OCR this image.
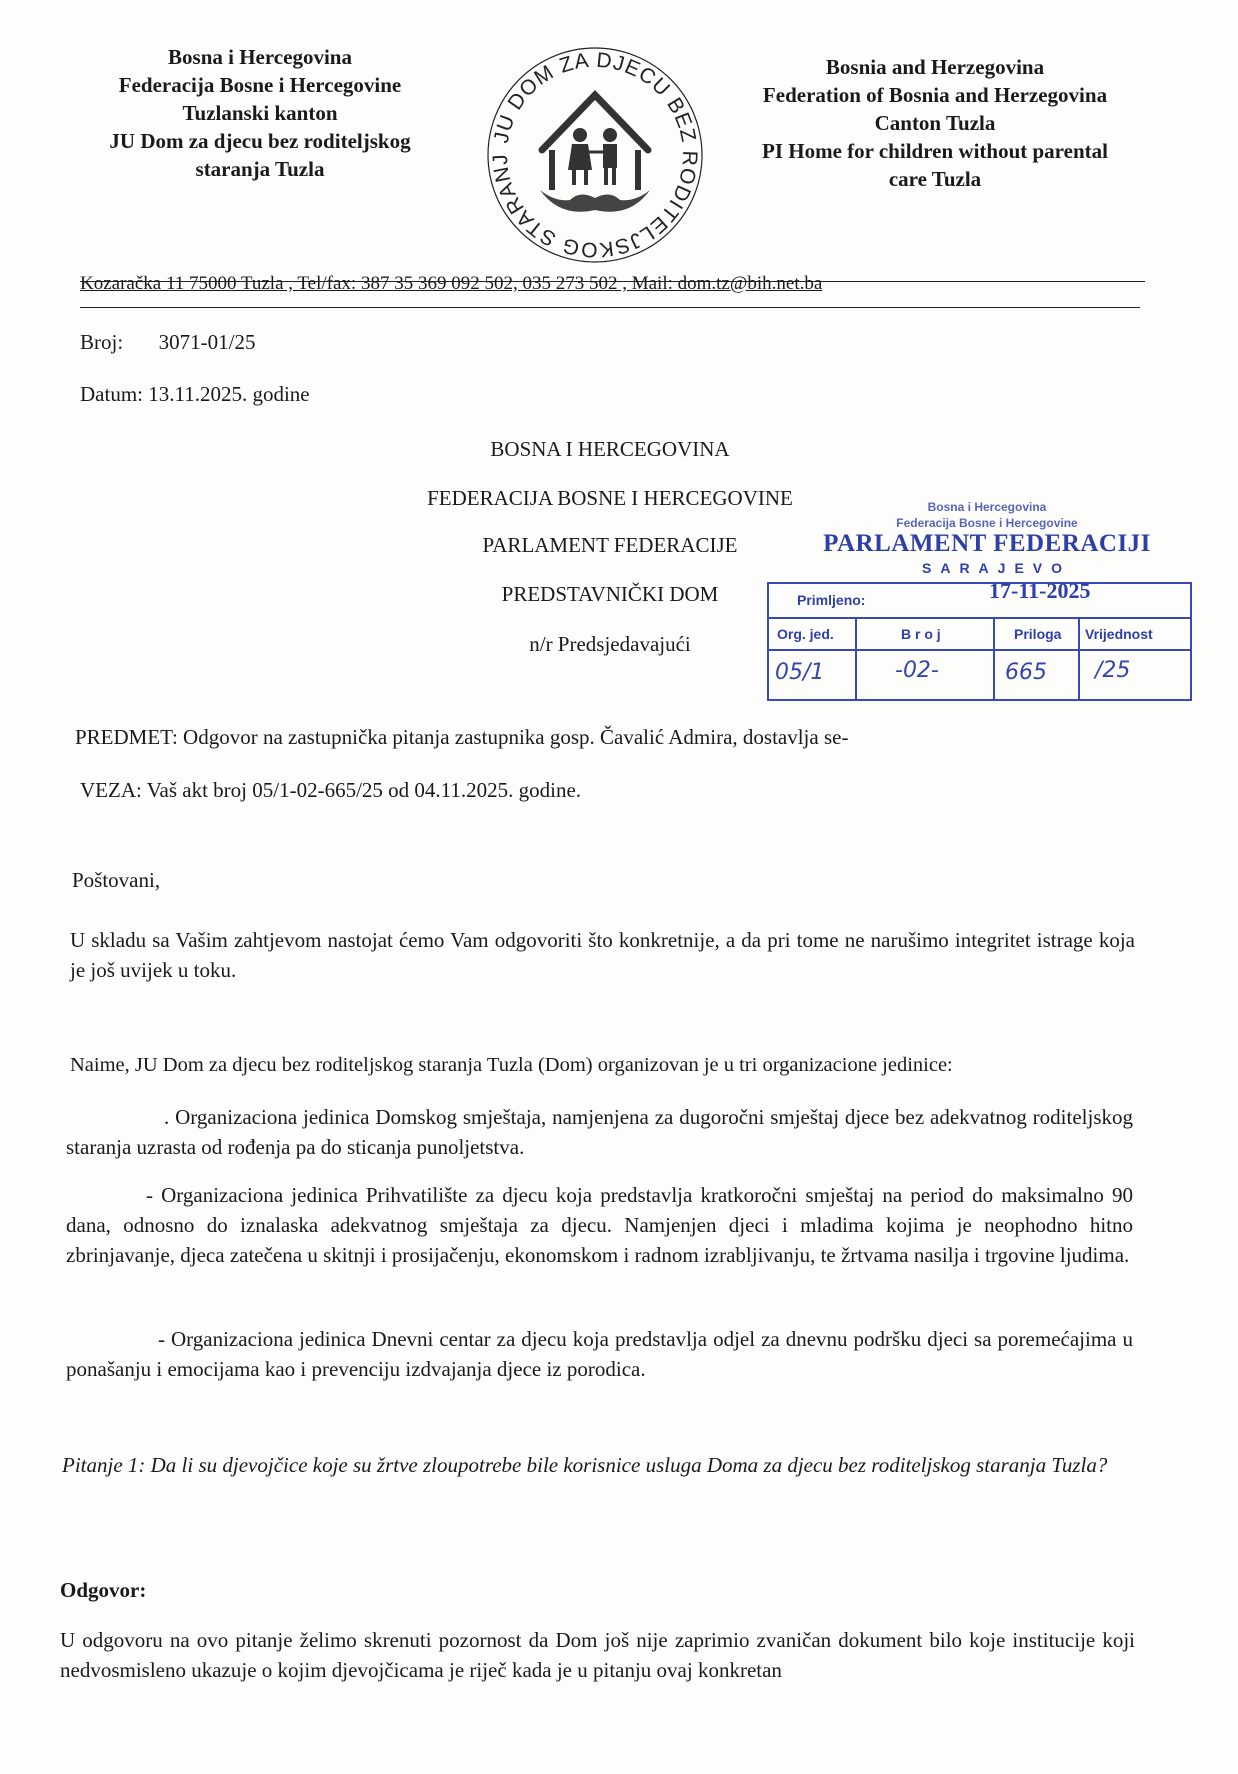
Bosna i Hercegovina
Federacija Bosne i Hercegovine
Tuzlanski kanton
JU Dom za djecu bez roditeljskog
staranja Tuzla
JU DOM ZA DJECU BEZ RODITELJSKOG STARANJ
Bosnia and Herzegovina
Federation of Bosnia and Herzegovina
Canton Tuzla
PI Home for children without parental
care Tuzla
Kozaračka 11 75000 Tuzla , Tel/fax: 387 35 369 092 502, 035 273 502 , Mail: dom.tz@bih.net.ba
Broj: 3071-01/25
Datum: 13.11.2025. godine
BOSNA I HERCEGOVINA
FEDERACIJA BOSNE I HERCEGOVINE
PARLAMENT FEDERACIJE
PREDSTAVNIČKI DOM
n/r Predsjedavajući
Bosna i Hercegovina
Federacija Bosne i Hercegovine
PARLAMENT FEDERACIJI
SARAJEVO
Primljeno:	17-11-2025
Org. jed.	B r o j	Priloga Vrijednost
05/1	-02-	665 /25
PREDMET: Odgovor na zastupnička pitanja zastupnika gosp. Čavalić Admira, dostavlja se-
VEZA: Vaš akt broj 05/1-02-665/25 od 04.11.2025. godine.
Poštovani,
U skladu sa Vašim zahtjevom nastojat ćemo Vam odgovoriti što konkretnije, a da pri tome ne narušimo integritet istrage koja je još uvijek u toku.
Naime, JU Dom za djecu bez roditeljskog staranja Tuzla (Dom) organizovan je u tri organizacione jedinice:
. Organizaciona jedinica Domskog smještaja, namjenjena za dugoročni smještaj djece bez adekvatnog roditeljskog staranja uzrasta od rođenja pa do sticanja punoljetstva.
- Organizaciona jedinica Prihvatilište za djecu koja predstavlja kratkoročni smještaj na period do maksimalno 90 dana, odnosno do iznalaska adekvatnog smještaja za djecu. Namjenjen djeci i mladima kojima je neophodno hitno zbrinjavanje, djeca zatečena u skitnji i prosijačenju, ekonomskom i radnom izrabljivanju, te žrtvama nasilja i trgovine ljudima.
- Organizaciona jedinica Dnevni centar za djecu koja predstavlja odjel za dnevnu podršku djeci sa poremećajima u ponašanju i emocijama kao i prevenciju izdvajanja djece iz porodica.
Pitanje 1: Da li su djevojčice koje su žrtve zloupotrebe bile korisnice usluga Doma za djecu bez roditeljskog staranja Tuzla?
Odgovor:
U odgovoru na ovo pitanje želimo skrenuti pozornost da Dom još nije zaprimio zvaničan dokument bilo koje institucije koji nedvosmisleno ukazuje o kojim djevojčicama je riječ kada je u pitanju ovaj konkretan
